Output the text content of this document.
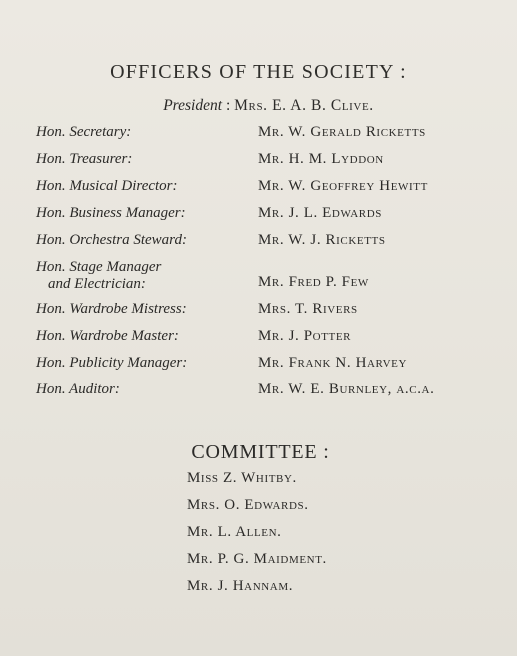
OFFICERS OF THE SOCIETY :
President : Mrs. E. A. B. Clive.
Hon. Secretary:	Mr. W. Gerald Ricketts
Hon. Treasurer:	Mr. H. M. Lyddon
Hon. Musical Director:	Mr. W. Geoffrey Hewitt
Hon. Business Manager:	Mr. J. L. Edwards
Hon. Orchestra Steward:	Mr. W. J. Ricketts
Hon. Stage Manager
and Electrician:	Mr. Fred P. Few
Hon. Wardrobe Mistress:	Mrs. T. Rivers
Hon. Wardrobe Master:	Mr. J. Potter
Hon. Publicity Manager:	Mr. Frank N. Harvey
Hon. Auditor:	Mr. W. E. Burnley, a.c.a.
COMMITTEE :
Miss Z. Whitby.
Mrs. O. Edwards.
Mr. L. Allen.
Mr. P. G. Maidment.
Mr. J. Hannam.
